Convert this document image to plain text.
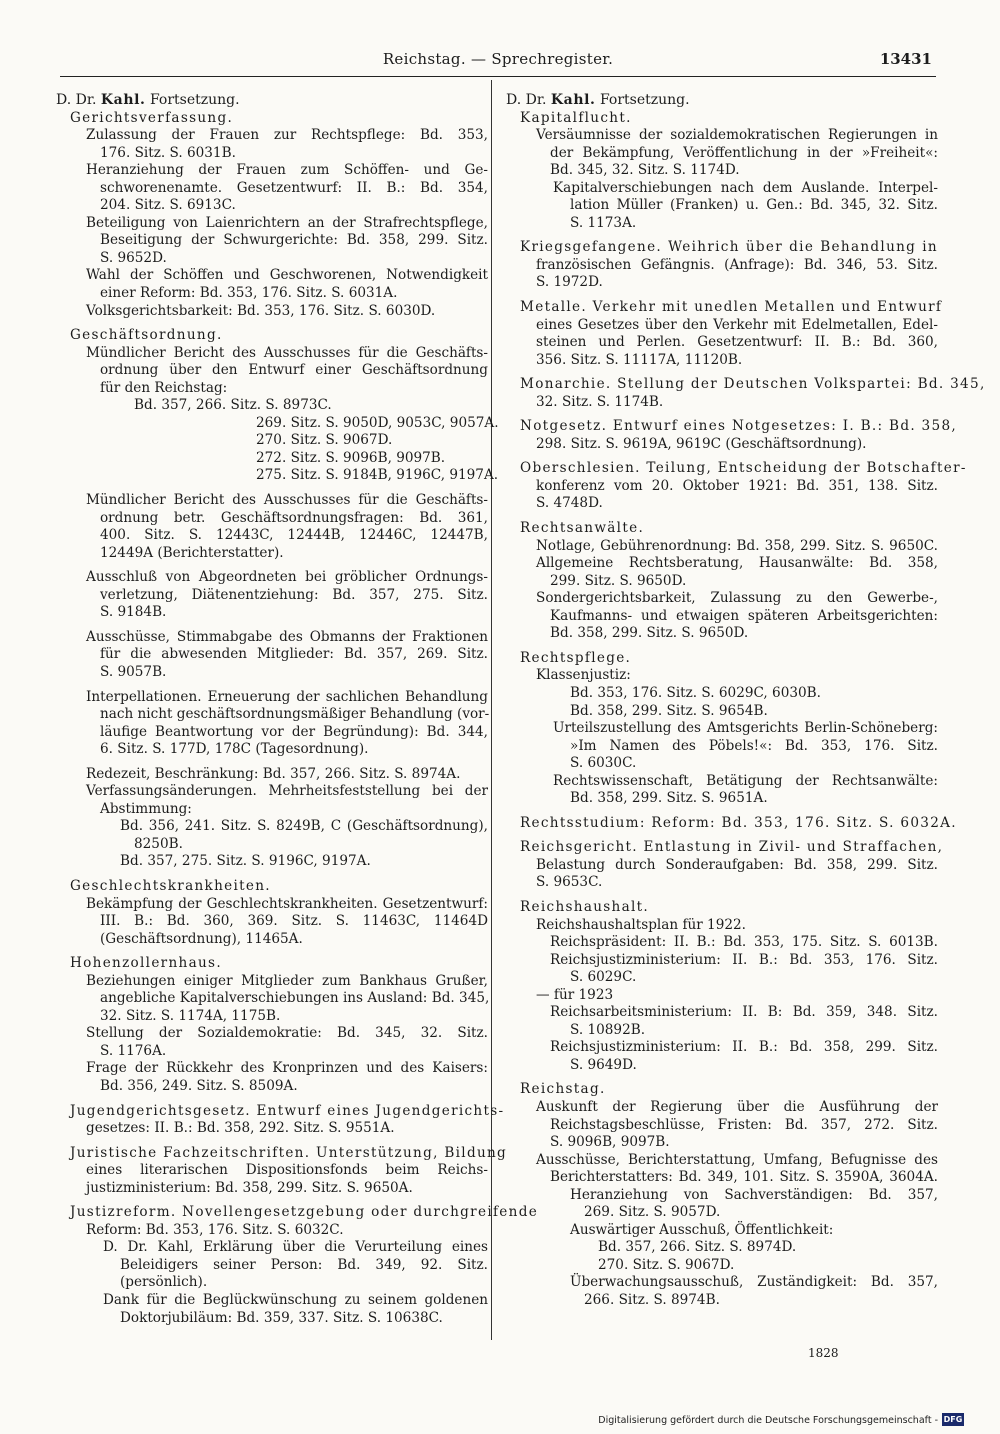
Reichstag. — Sprechregister.	13431
D. Dr. Kahl. Fortsetzung.
Gerichtsverfassung.
Zulassung der Frauen zur Rechtspflege: Bd. 353,
176. Sitz. S. 6031B.
Heranziehung der Frauen zum Schöffen- und Ge-
schworenenamte. Gesetzentwurf: II. B.: Bd. 354,
204. Sitz. S. 6913C.
Beteiligung von Laienrichtern an der Strafrechtspflege,
Beseitigung der Schwurgerichte: Bd. 358, 299. Sitz.
S. 9652D.
Wahl der Schöffen und Geschworenen, Notwendigkeit
einer Reform: Bd. 353, 176. Sitz. S. 6031A.
Volksgerichtsbarkeit: Bd. 353, 176. Sitz. S. 6030D.
Geschäftsordnung.
Mündlicher Bericht des Ausschusses für die Geschäfts-
ordnung über den Entwurf einer Geschäftsordnung
für den Reichstag:
Bd. 357, 266. Sitz. S. 8973C.
269. Sitz. S. 9050D, 9053C, 9057A.
270. Sitz. S. 9067D.
272. Sitz. S. 9096B, 9097B.
275. Sitz. S. 9184B, 9196C, 9197A.
Mündlicher Bericht des Ausschusses für die Geschäfts-
ordnung betr. Geschäftsordnungsfragen: Bd. 361,
400. Sitz. S. 12443C, 12444B, 12446C, 12447B,
12449A (Berichterstatter).
Ausschluß von Abgeordneten bei gröblicher Ordnungs-
verletzung, Diätenentziehung: Bd. 357, 275. Sitz.
S. 9184B.
Ausschüsse, Stimmabgabe des Obmanns der Fraktionen
für die abwesenden Mitglieder: Bd. 357, 269. Sitz.
S. 9057B.
Interpellationen. Erneuerung der sachlichen Behandlung
nach nicht geschäftsordnungsmäßiger Behandlung (vor-
läufige Beantwortung vor der Begründung): Bd. 344,
6. Sitz. S. 177D, 178C (Tagesordnung).
Redezeit, Beschränkung: Bd. 357, 266. Sitz. S. 8974A.
Verfassungsänderungen. Mehrheitsfeststellung bei der
Abstimmung:
Bd. 356, 241. Sitz. S. 8249B, C (Geschäftsordnung),
8250B.
Bd. 357, 275. Sitz. S. 9196C, 9197A.
Geschlechtskrankheiten.
Bekämpfung der Geschlechtskrankheiten. Gesetzentwurf:
III. B.: Bd. 360, 369. Sitz. S. 11463C, 11464D
(Geschäftsordnung), 11465A.
Hohenzollernhaus.
Beziehungen einiger Mitglieder zum Bankhaus Grußer,
angebliche Kapitalverschiebungen ins Ausland: Bd. 345,
32. Sitz. S. 1174A, 1175B.
Stellung der Sozialdemokratie: Bd. 345, 32. Sitz.
S. 1176A.
Frage der Rückkehr des Kronprinzen und des Kaisers:
Bd. 356, 249. Sitz. S. 8509A.
Jugendgerichtsgesetz. Entwurf eines Jugendgerichts-
gesetzes: II. B.: Bd. 358, 292. Sitz. S. 9551A.
Juristische Fachzeitschriften. Unterstützung, Bildung
eines literarischen Dispositionsfonds beim Reichs-
justizministerium: Bd. 358, 299. Sitz. S. 9650A.
Justizreform. Novellengesetzgebung oder durchgreifende
Reform: Bd. 353, 176. Sitz. S. 6032C.
D. Dr. Kahl, Erklärung über die Verurteilung eines
Beleidigers seiner Person: Bd. 349, 92. Sitz.
(persönlich).
Dank für die Beglückwünschung zu seinem goldenen
Doktorjubiläum: Bd. 359, 337. Sitz. S. 10638C.
D. Dr. Kahl. Fortsetzung.
Kapitalflucht.
Versäumnisse der sozialdemokratischen Regierungen in
der Bekämpfung, Veröffentlichung in der »Freiheit«:
Bd. 345, 32. Sitz. S. 1174D.
Kapitalverschiebungen nach dem Auslande. Interpel-
lation Müller (Franken) u. Gen.: Bd. 345, 32. Sitz.
S. 1173A.
Kriegsgefangene. Weihrich über die Behandlung in
französischen Gefängnis. (Anfrage): Bd. 346, 53. Sitz.
S. 1972D.
Metalle. Verkehr mit unedlen Metallen und Entwurf
eines Gesetzes über den Verkehr mit Edelmetallen, Edel-
steinen und Perlen. Gesetzentwurf: II. B.: Bd. 360,
356. Sitz. S. 11117A, 11120B.
Monarchie. Stellung der Deutschen Volkspartei: Bd. 345,
32. Sitz. S. 1174B.
Notgesetz. Entwurf eines Notgesetzes: I. B.: Bd. 358,
298. Sitz. S. 9619A, 9619C (Geschäftsordnung).
Oberschlesien. Teilung, Entscheidung der Botschafter-
konferenz vom 20. Oktober 1921: Bd. 351, 138. Sitz.
S. 4748D.
Rechtsanwälte.
Notlage, Gebührenordnung: Bd. 358, 299. Sitz. S. 9650C.
Allgemeine Rechtsberatung, Hausanwälte: Bd. 358,
299. Sitz. S. 9650D.
Sondergerichtsbarkeit, Zulassung zu den Gewerbe-,
Kaufmanns- und etwaigen späteren Arbeitsgerichten:
Bd. 358, 299. Sitz. S. 9650D.
Rechtspflege.
Klassenjustiz:
Bd. 353, 176. Sitz. S. 6029C, 6030B.
Bd. 358, 299. Sitz. S. 9654B.
Urteilszustellung des Amtsgerichts Berlin-Schöneberg:
»Im Namen des Pöbels!«: Bd. 353, 176. Sitz.
S. 6030C.
Rechtswissenschaft, Betätigung der Rechtsanwälte:
Bd. 358, 299. Sitz. S. 9651A.
Rechtsstudium: Reform: Bd. 353, 176. Sitz. S. 6032A.
Reichsgericht. Entlastung in Zivil- und Straffachen,
Belastung durch Sonderaufgaben: Bd. 358, 299. Sitz.
S. 9653C.
Reichshaushalt.
Reichshaushaltsplan für 1922.
Reichspräsident: II. B.: Bd. 353, 175. Sitz. S. 6013B.
Reichsjustizministerium: II. B.: Bd. 353, 176. Sitz.
S. 6029C.
— für 1923
Reichsarbeitsministerium: II. B: Bd. 359, 348. Sitz.
S. 10892B.
Reichsjustizministerium: II. B.: Bd. 358, 299. Sitz.
S. 9649D.
Reichstag.
Auskunft der Regierung über die Ausführung der
Reichstagsbeschlüsse, Fristen: Bd. 357, 272. Sitz.
S. 9096B, 9097B.
Ausschüsse, Berichterstattung, Umfang, Befugnisse des
Berichterstatters: Bd. 349, 101. Sitz. S. 3590A, 3604A.
Heranziehung von Sachverständigen: Bd. 357,
269. Sitz. S. 9057D.
Auswärtiger Ausschuß, Öffentlichkeit:
Bd. 357, 266. Sitz. S. 8974D.
270. Sitz. S. 9067D.
Überwachungsausschuß, Zuständigkeit: Bd. 357,
266. Sitz. S. 8974B.
1828
Digitalisierung gefördert durch die Deutsche Forschungsgemeinschaft - DFG
